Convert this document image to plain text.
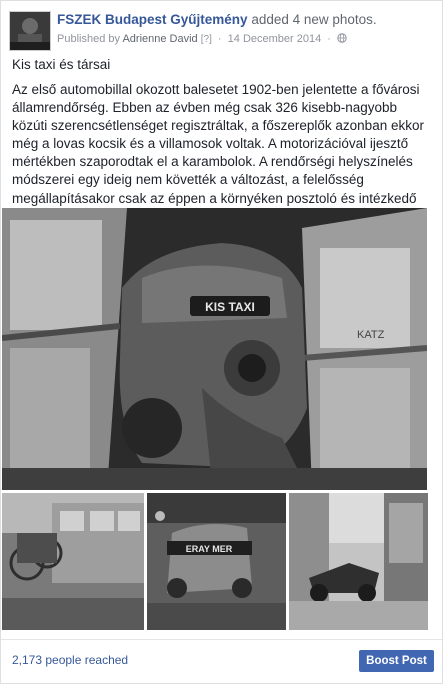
FSZEK Budapest Gyűjtemény added 4 new photos.
Published by Adrienne David [?] · 14 December 2014 ·
Kis taxi és társai
Az első automobillal okozott balesetet 1902-ben jelentette a fővárosi államrendőrség. Ebben az évben még csak 326 kisebb-nagyobb közúti szerencsétlenséget regisztráltak, a főszereplők azonban ekkor még a lovas kocsik és a villamosok voltak. A motorizációval ijesztő mértékben szaporodtak el a karambolok. A rendőrségi helyszínelés módszerei egy ideig nem követték a változást, a felelősség megállapításakor csak az éppen a környéken posztoló és intézkedő
KATZ
KIS TAXI
ERAY MER
2,173 people reached	Boost Post
